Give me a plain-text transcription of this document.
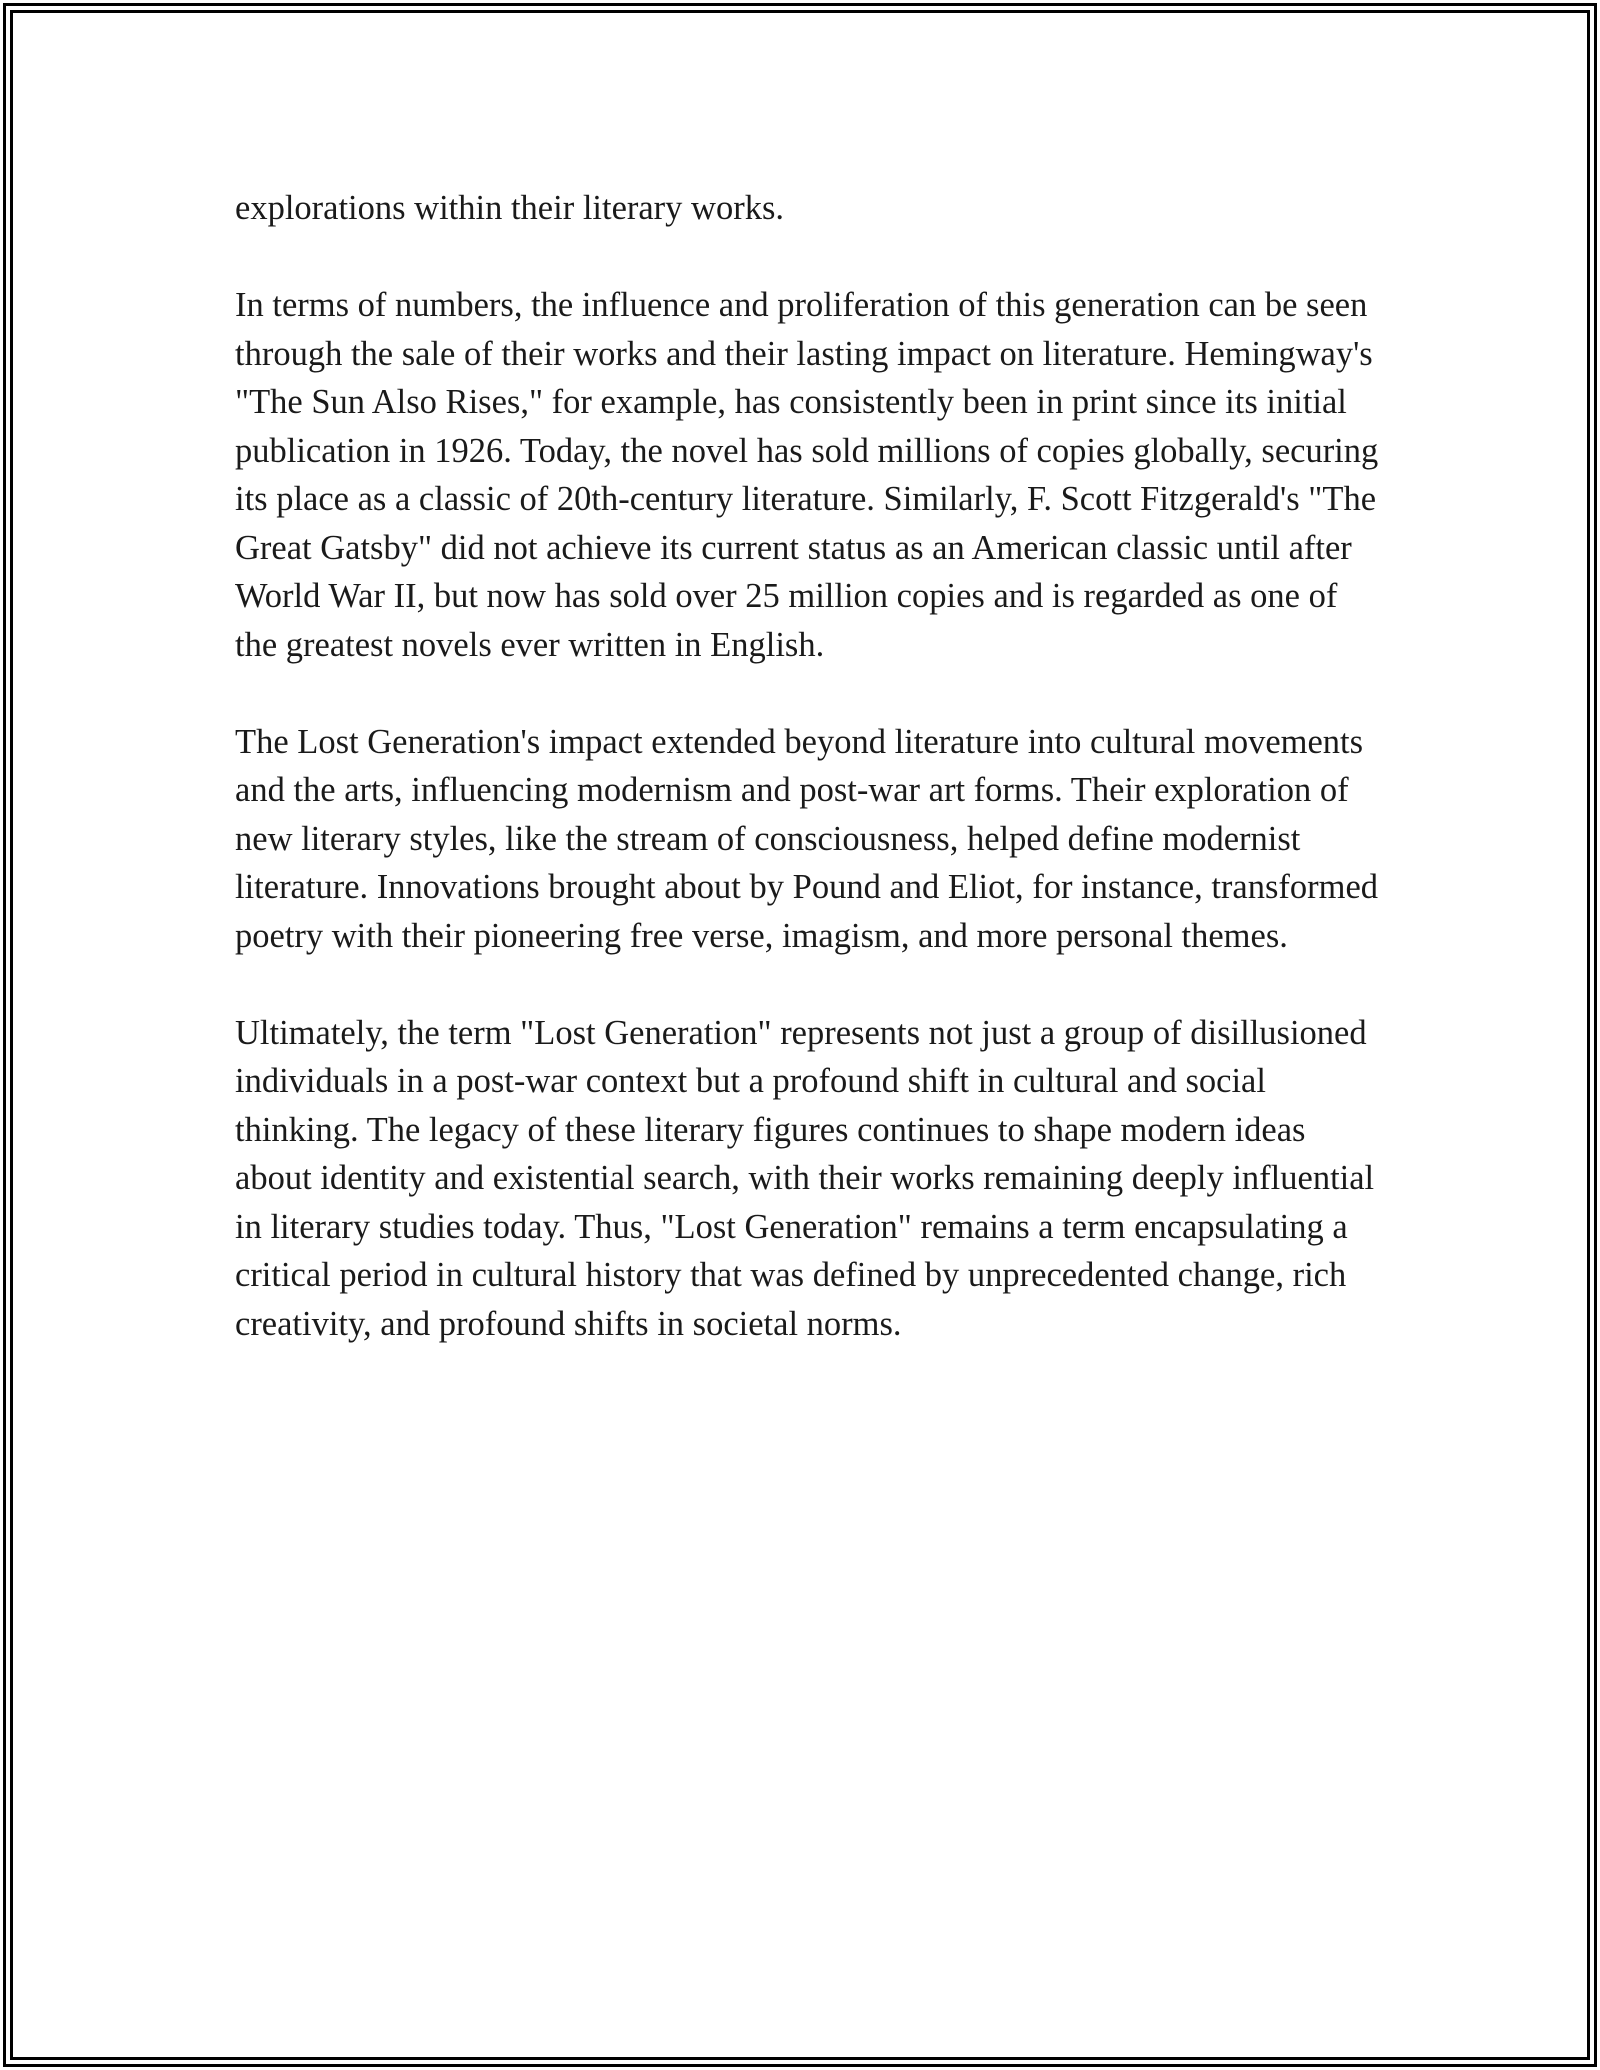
explorations within their literary works.

In terms of numbers, the influence and proliferation of this generation can be seen through the sale of their works and their lasting impact on literature. Hemingway's "The Sun Also Rises," for example, has consistently been in print since its initial publication in 1926. Today, the novel has sold millions of copies globally, securing its place as a classic of 20th-century literature. Similarly, F. Scott Fitzgerald's "The Great Gatsby" did not achieve its current status as an American classic until after World War II, but now has sold over 25 million copies and is regarded as one of the greatest novels ever written in English.

The Lost Generation's impact extended beyond literature into cultural movements and the arts, influencing modernism and post-war art forms. Their exploration of new literary styles, like the stream of consciousness, helped define modernist literature. Innovations brought about by Pound and Eliot, for instance, transformed poetry with their pioneering free verse, imagism, and more personal themes.

Ultimately, the term "Lost Generation" represents not just a group of disillusioned individuals in a post-war context but a profound shift in cultural and social thinking. The legacy of these literary figures continues to shape modern ideas about identity and existential search, with their works remaining deeply influential in literary studies today. Thus, "Lost Generation" remains a term encapsulating a critical period in cultural history that was defined by unprecedented change, rich creativity, and profound shifts in societal norms.
